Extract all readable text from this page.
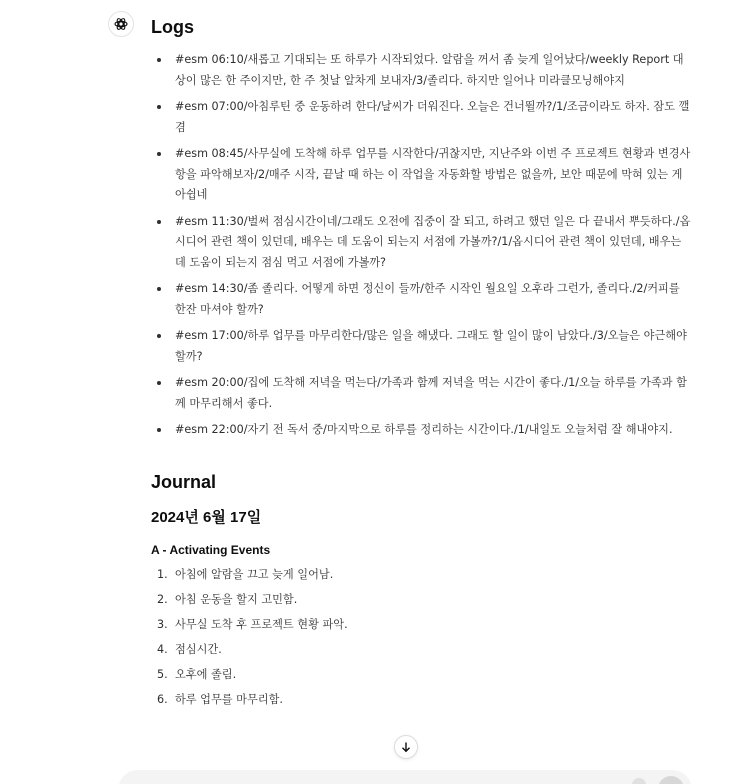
Logs
#esm 06:10/새롭고 기대되는 또 하루가 시작되었다. 알람을 꺼서 좀 늦게 일어났다/weekly Report 대상이 많은 한 주이지만, 한 주 첫날 알차게 보내자/3/졸리다. 하지만 일어나 미라클모닝해야지
#esm 07:00/아침루틴 중 운동하려 한다/날씨가 더워진다. 오늘은 건너뛸까?/1/조금이라도 하자. 잠도 깰 겸
#esm 08:45/사무실에 도착해 하루 업무를 시작한다/귀찮지만, 지난주와 이번 주 프로젝트 현황과 변경사항을 파악해보자/2/매주 시작, 끝날 때 하는 이 작업을 자동화할 방법은 없을까, 보안 때문에 막혀 있는 게 아쉽네
#esm 11:30/벌써 점심시간이네/그래도 오전에 집중이 잘 되고, 하려고 했던 일은 다 끝내서 뿌듯하다./옵시디어 관련 책이 있던데, 배우는 데 도움이 되는지 서점에 가볼까?/1/옵시디어 관련 책이 있던데, 배우는 데 도움이 되는지 점심 먹고 서점에 가볼까?
#esm 14:30/좀 졸리다. 어떻게 하면 정신이 들까/한주 시작인 월요일 오후라 그런가, 졸리다./2/커피를 한잔 마셔야 할까?
#esm 17:00/하루 업무를 마무리한다/많은 일을 해냈다. 그래도 할 일이 많이 남았다./3/오늘은 야근해야 할까?
#esm 20:00/집에 도착해 저녁을 먹는다/가족과 함께 저녁을 먹는 시간이 좋다./1/오늘 하루를 가족과 함께 마무리해서 좋다.
#esm 22:00/자기 전 독서 중/마지막으로 하루를 정리하는 시간이다./1/내일도 오늘처럼 잘 해내야지.
Journal
2024년 6월 17일
A - Activating Events
1. 아침에 알람을 끄고 늦게 일어남.
2. 아침 운동을 할지 고민함.
3. 사무실 도착 후 프로젝트 현황 파악.
4. 점심시간.
5. 오후에 졸림.
6. 하루 업무를 마무리함.
